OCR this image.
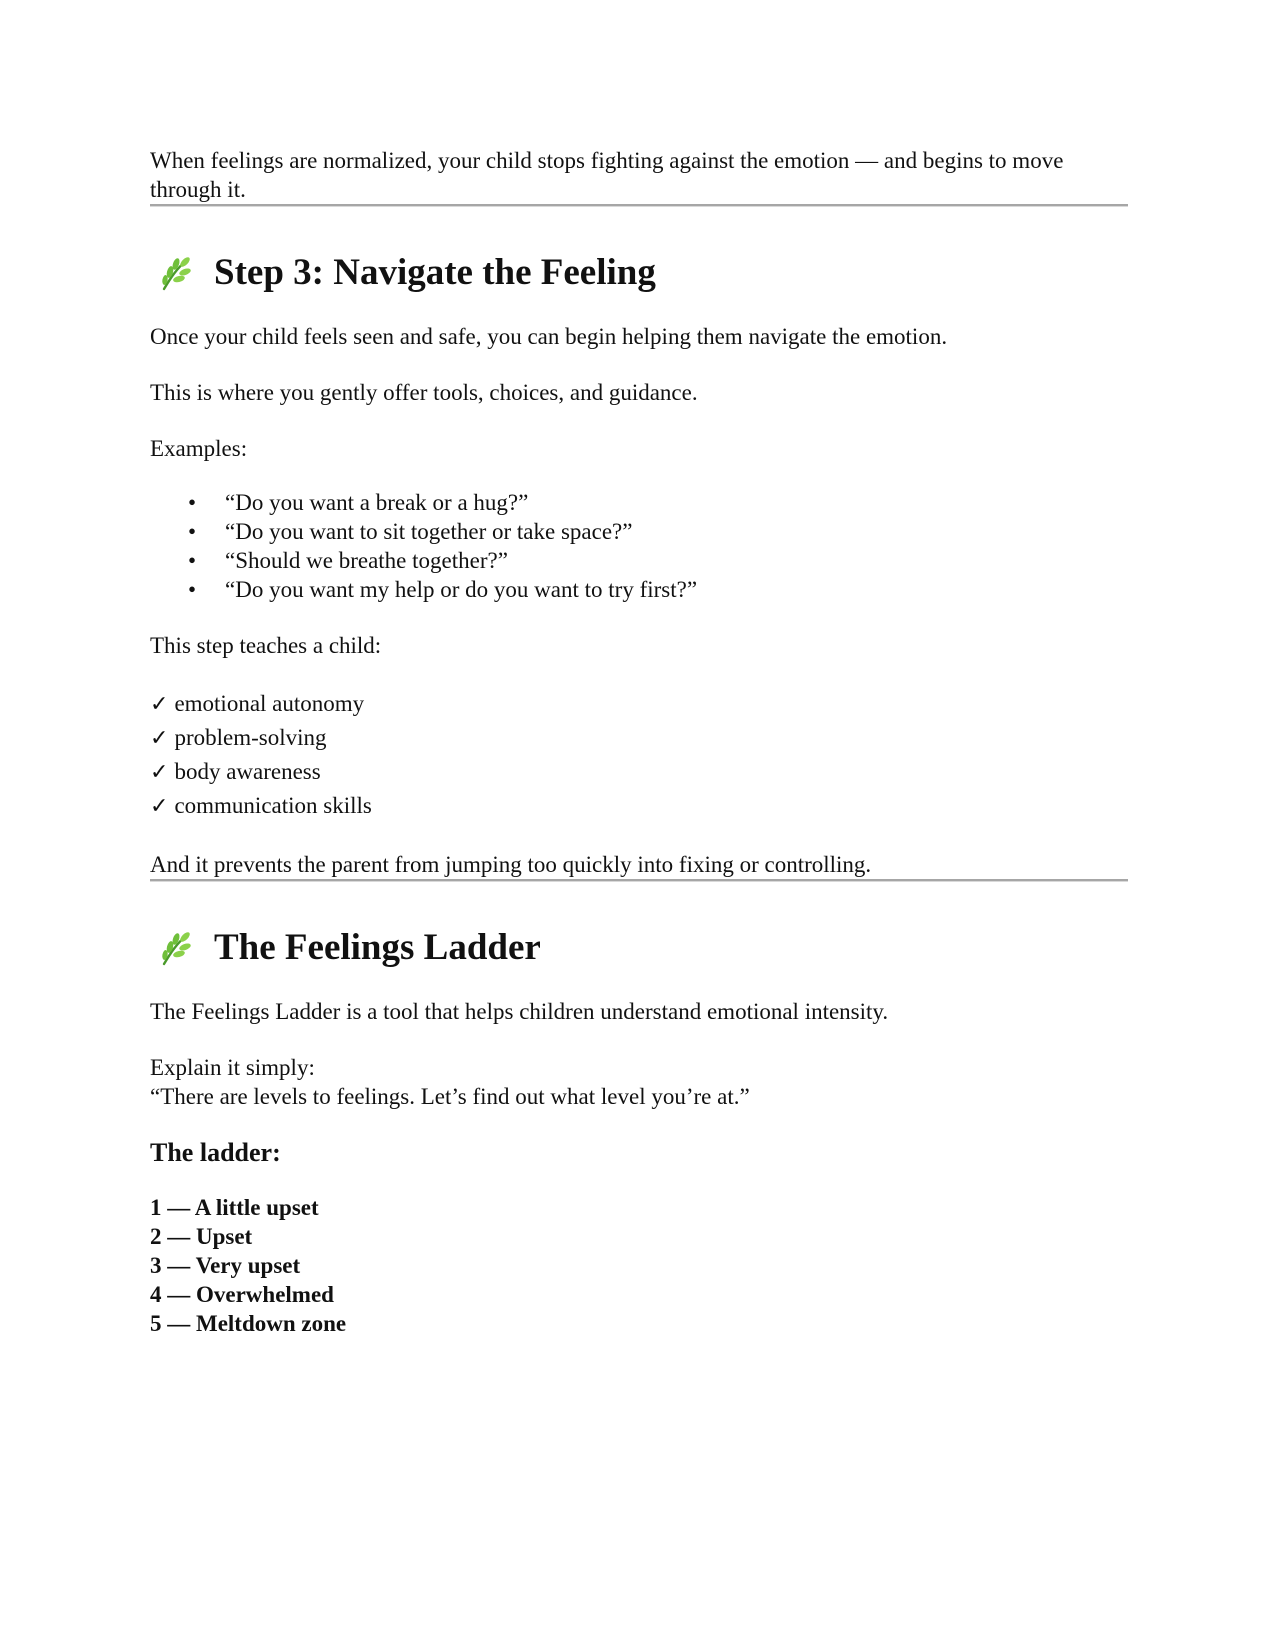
When feelings are normalized, your child stops fighting against the emotion — and begins to move through it.

Step 3: Navigate the Feeling

Once your child feels seen and safe, you can begin helping them navigate the emotion.

This is where you gently offer tools, choices, and guidance.

Examples:

• “Do you want a break or a hug?”
• “Do you want to sit together or take space?”
• “Should we breathe together?”
• “Do you want my help or do you want to try first?”

This step teaches a child:

✓ emotional autonomy
✓ problem-solving
✓ body awareness
✓ communication skills

And it prevents the parent from jumping too quickly into fixing or controlling.

The Feelings Ladder

The Feelings Ladder is a tool that helps children understand emotional intensity.

Explain it simply:

“There are levels to feelings. Let’s find out what level you’re at.”

The ladder:
1 — A little upset
2 — Upset
3 — Very upset
4 — Overwhelmed
5 — Meltdown zone
